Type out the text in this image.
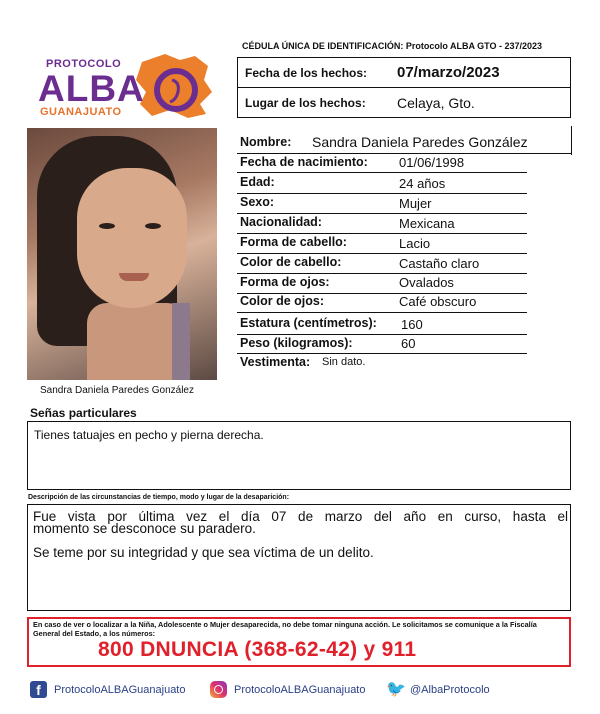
PROTOCOLO
ALBA
GUANAJUATO
CÉDULA ÚNICA DE IDENTIFICACIÓN: Protocolo ALBA GTO - 237/2023
Fecha de los hechos: 07/marzo/2023
Lugar de los hechos: Celaya, Gto.
Sandra Daniela Paredes González
Nombre: Sandra Daniela Paredes González
Fecha de nacimiento: 01/06/1998
Edad:	24 años
Sexo:	Mujer
Nacionalidad:	Mexicana
Forma de cabello:	Lacio
Color de cabello:	Castaño claro
Forma de ojos:	Ovalados
Color de ojos:	Café obscuro
Estatura (centímetros): 160
Peso (kilogramos):	60
Vestimenta: Sin dato.
Señas particulares
Tienes tatuajes en pecho y pierna derecha.
Descripción de las circunstancias de tiempo, modo y lugar de la desaparición:
Fue vista por última vez el día 07 de marzo del año en curso, hasta el
momento se desconoce su paradero.
Se teme por su integridad y que sea víctima de un delito.
En caso de ver o localizar a la Niña, Adolescente o Mujer desaparecida, no debe tomar ninguna acción. Le solicitamos se comunique a la Fiscalía General del Estado, a los números:
800 DNUNCIA (368-62-42) y 911
f	ProtocoloALBAGuanajuato	ProtocoloALBAGuanajuato 🐦 @AlbaProtocolo
